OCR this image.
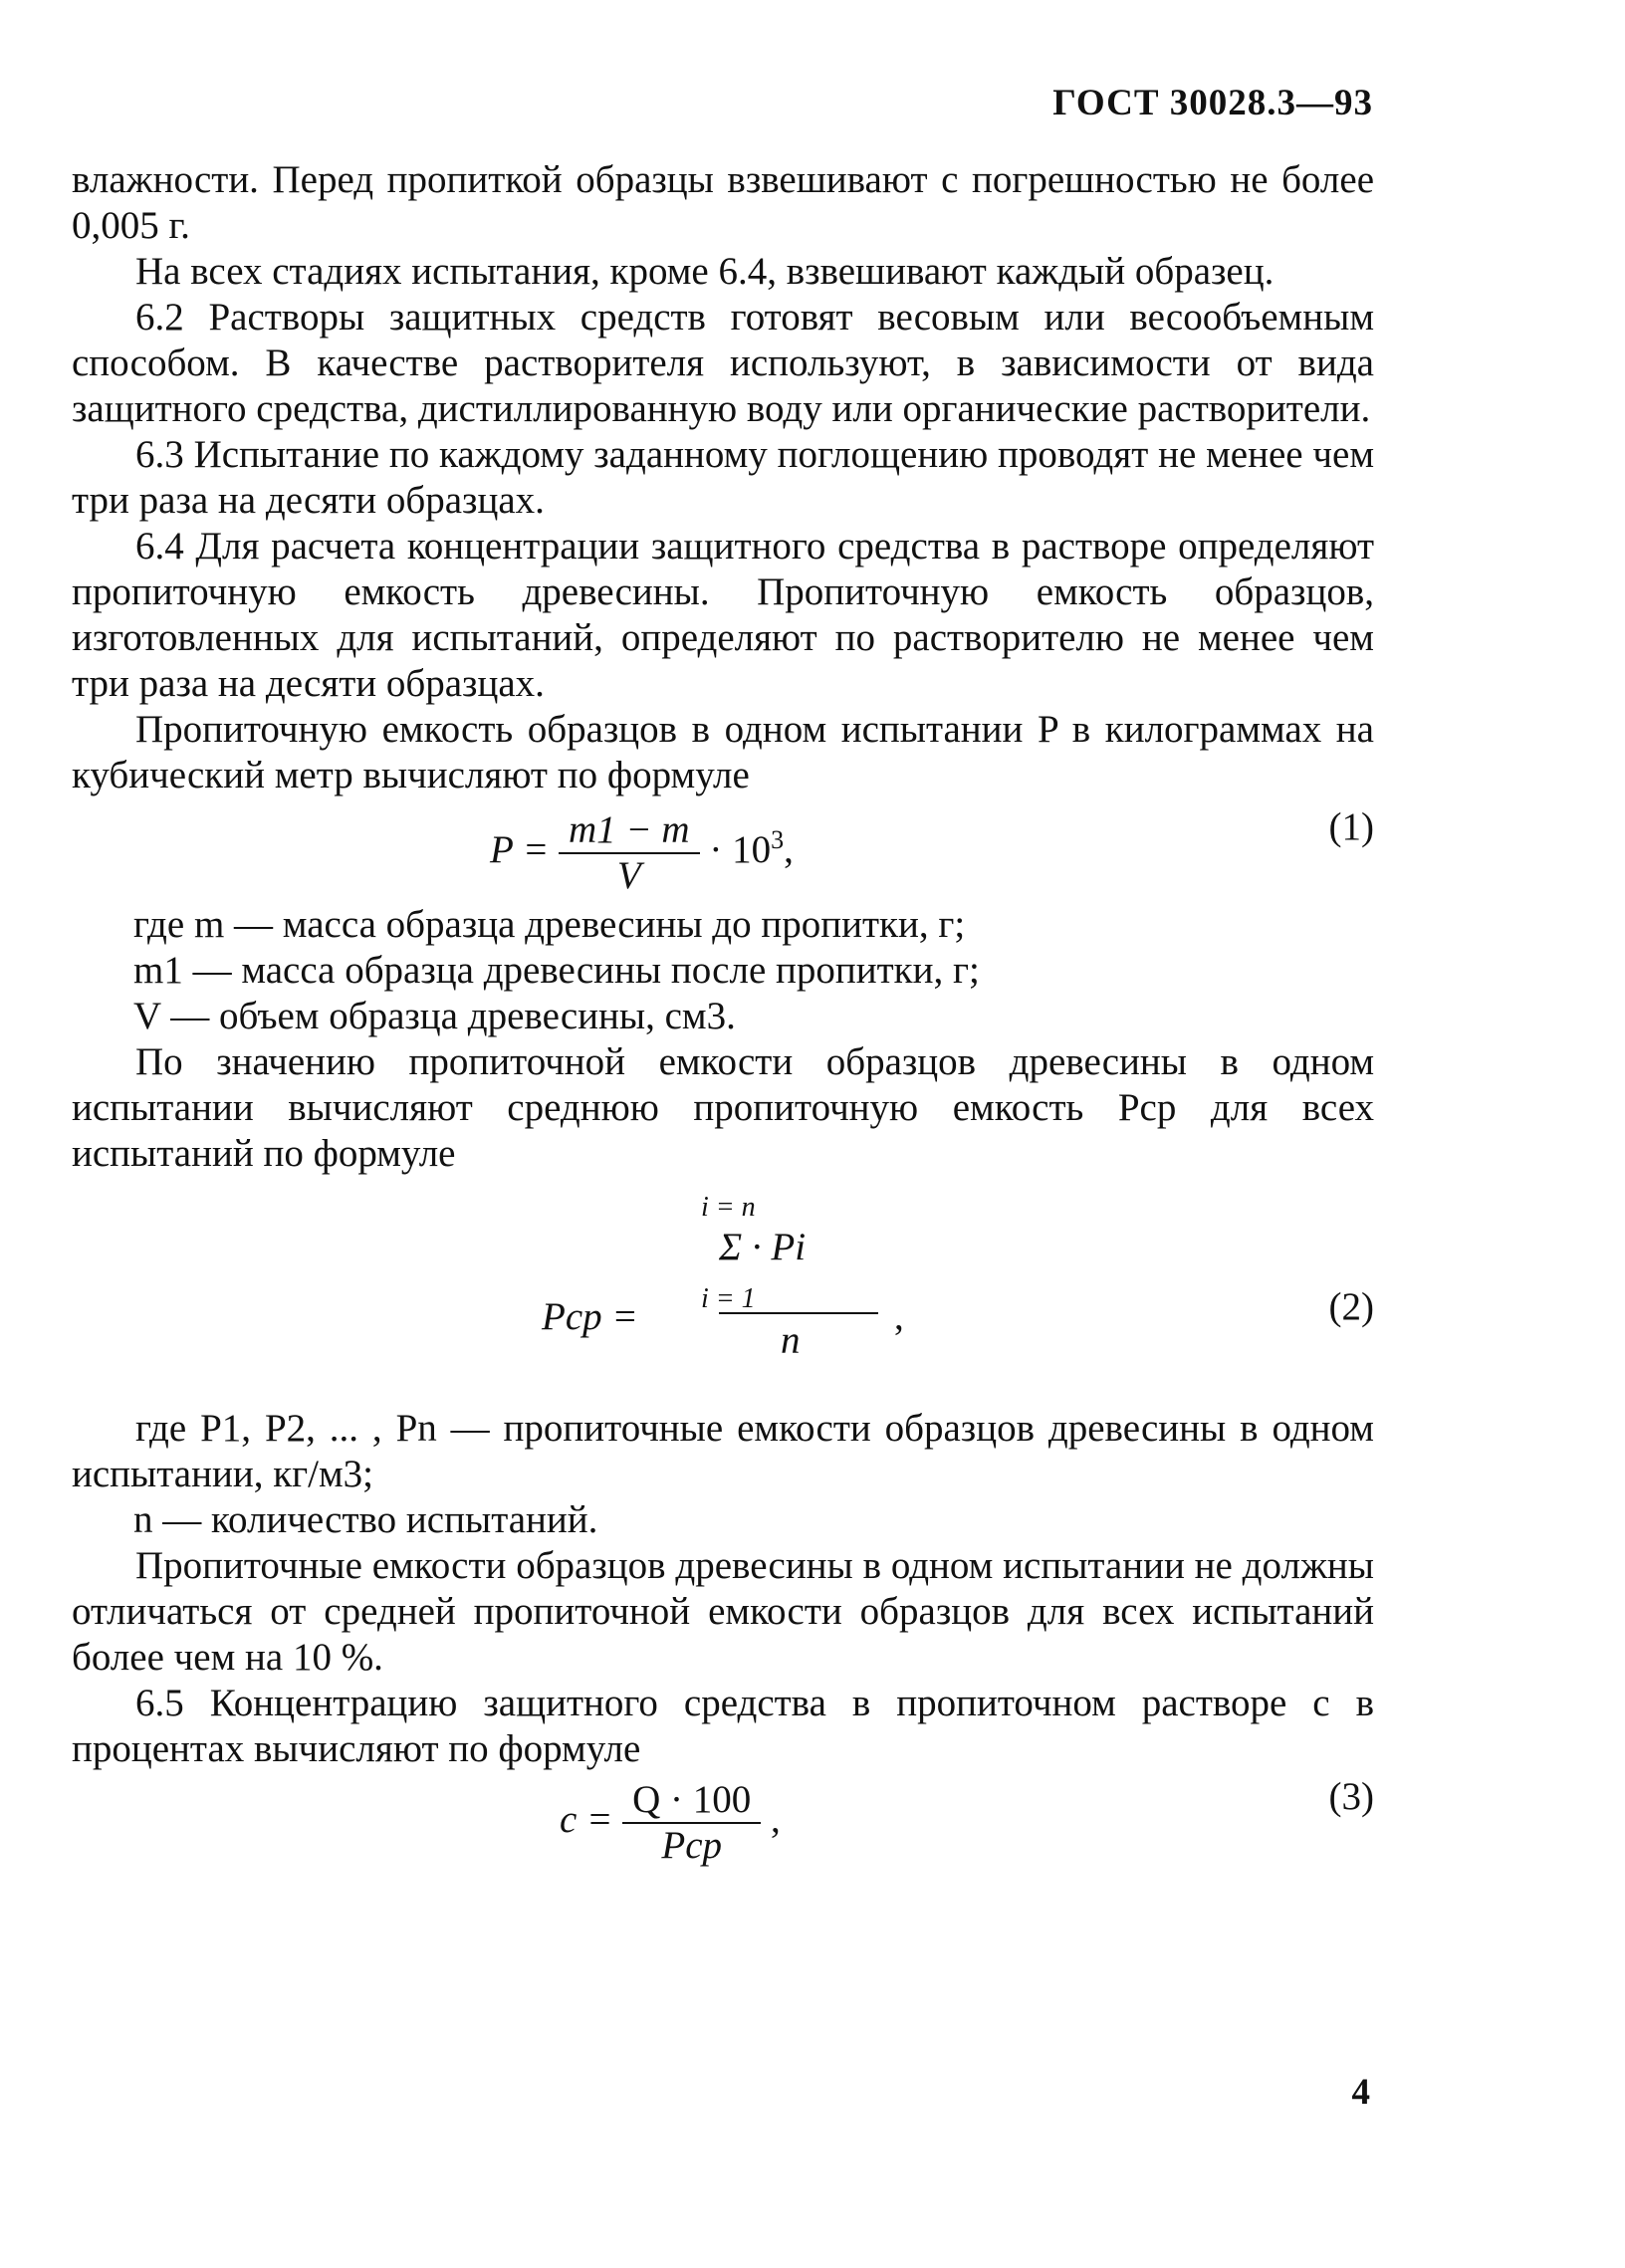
ГОСТ 30028.3—93

влажности. Перед пропиткой образцы взвешивают с погрешностью не более 0,005 г.

На всех стадиях испытания, кроме 6.4, взвешивают каждый образец.

6.2 Растворы защитных средств готовят весовым или весообъемным способом. В качестве растворителя используют, в зависимости от вида защитного средства, дистиллированную воду или органические растворители.

6.3 Испытание по каждому заданному поглощению проводят не менее чем три раза на десяти образцах.

6.4 Для расчета концентрации защитного средства в растворе определяют пропиточную емкость древесины. Пропиточную емкость образцов, изготовленных для испытаний, определяют по растворителю не менее чем три раза на десяти образцах.

Пропиточную емкость образцов в одном испытании P в килограммах на кубический метр вычисляют по формуле

$P = \frac{m1 - m}{V} \cdot 10^3$,
(1)

где m — масса образца древесины до пропитки, г;

m1 — масса образца древесины после пропитки, г;

V — объем образца древесины, см3.

По значению пропиточной емкости образцов древесины в одном испытании вычисляют среднюю пропиточную емкость Pср для всех испытаний по формуле

i = n
Σ · Pi
i = 1
n
Pср =	,	(2)

где P1, P2, ... , Pn — пропиточные емкости образцов древесины в одном испытании, кг/м3;

n — количество испытаний.

Пропиточные емкости образцов древесины в одном испытании не должны отличаться от средней пропиточной емкости образцов для всех испытаний более чем на 10 %.

6.5 Концентрацию защитного средства в пропиточном растворе c в процентах вычисляют по формуле

$c = \frac{Q \cdot 100}{\text{Pср}}$ ,
(3)
4
